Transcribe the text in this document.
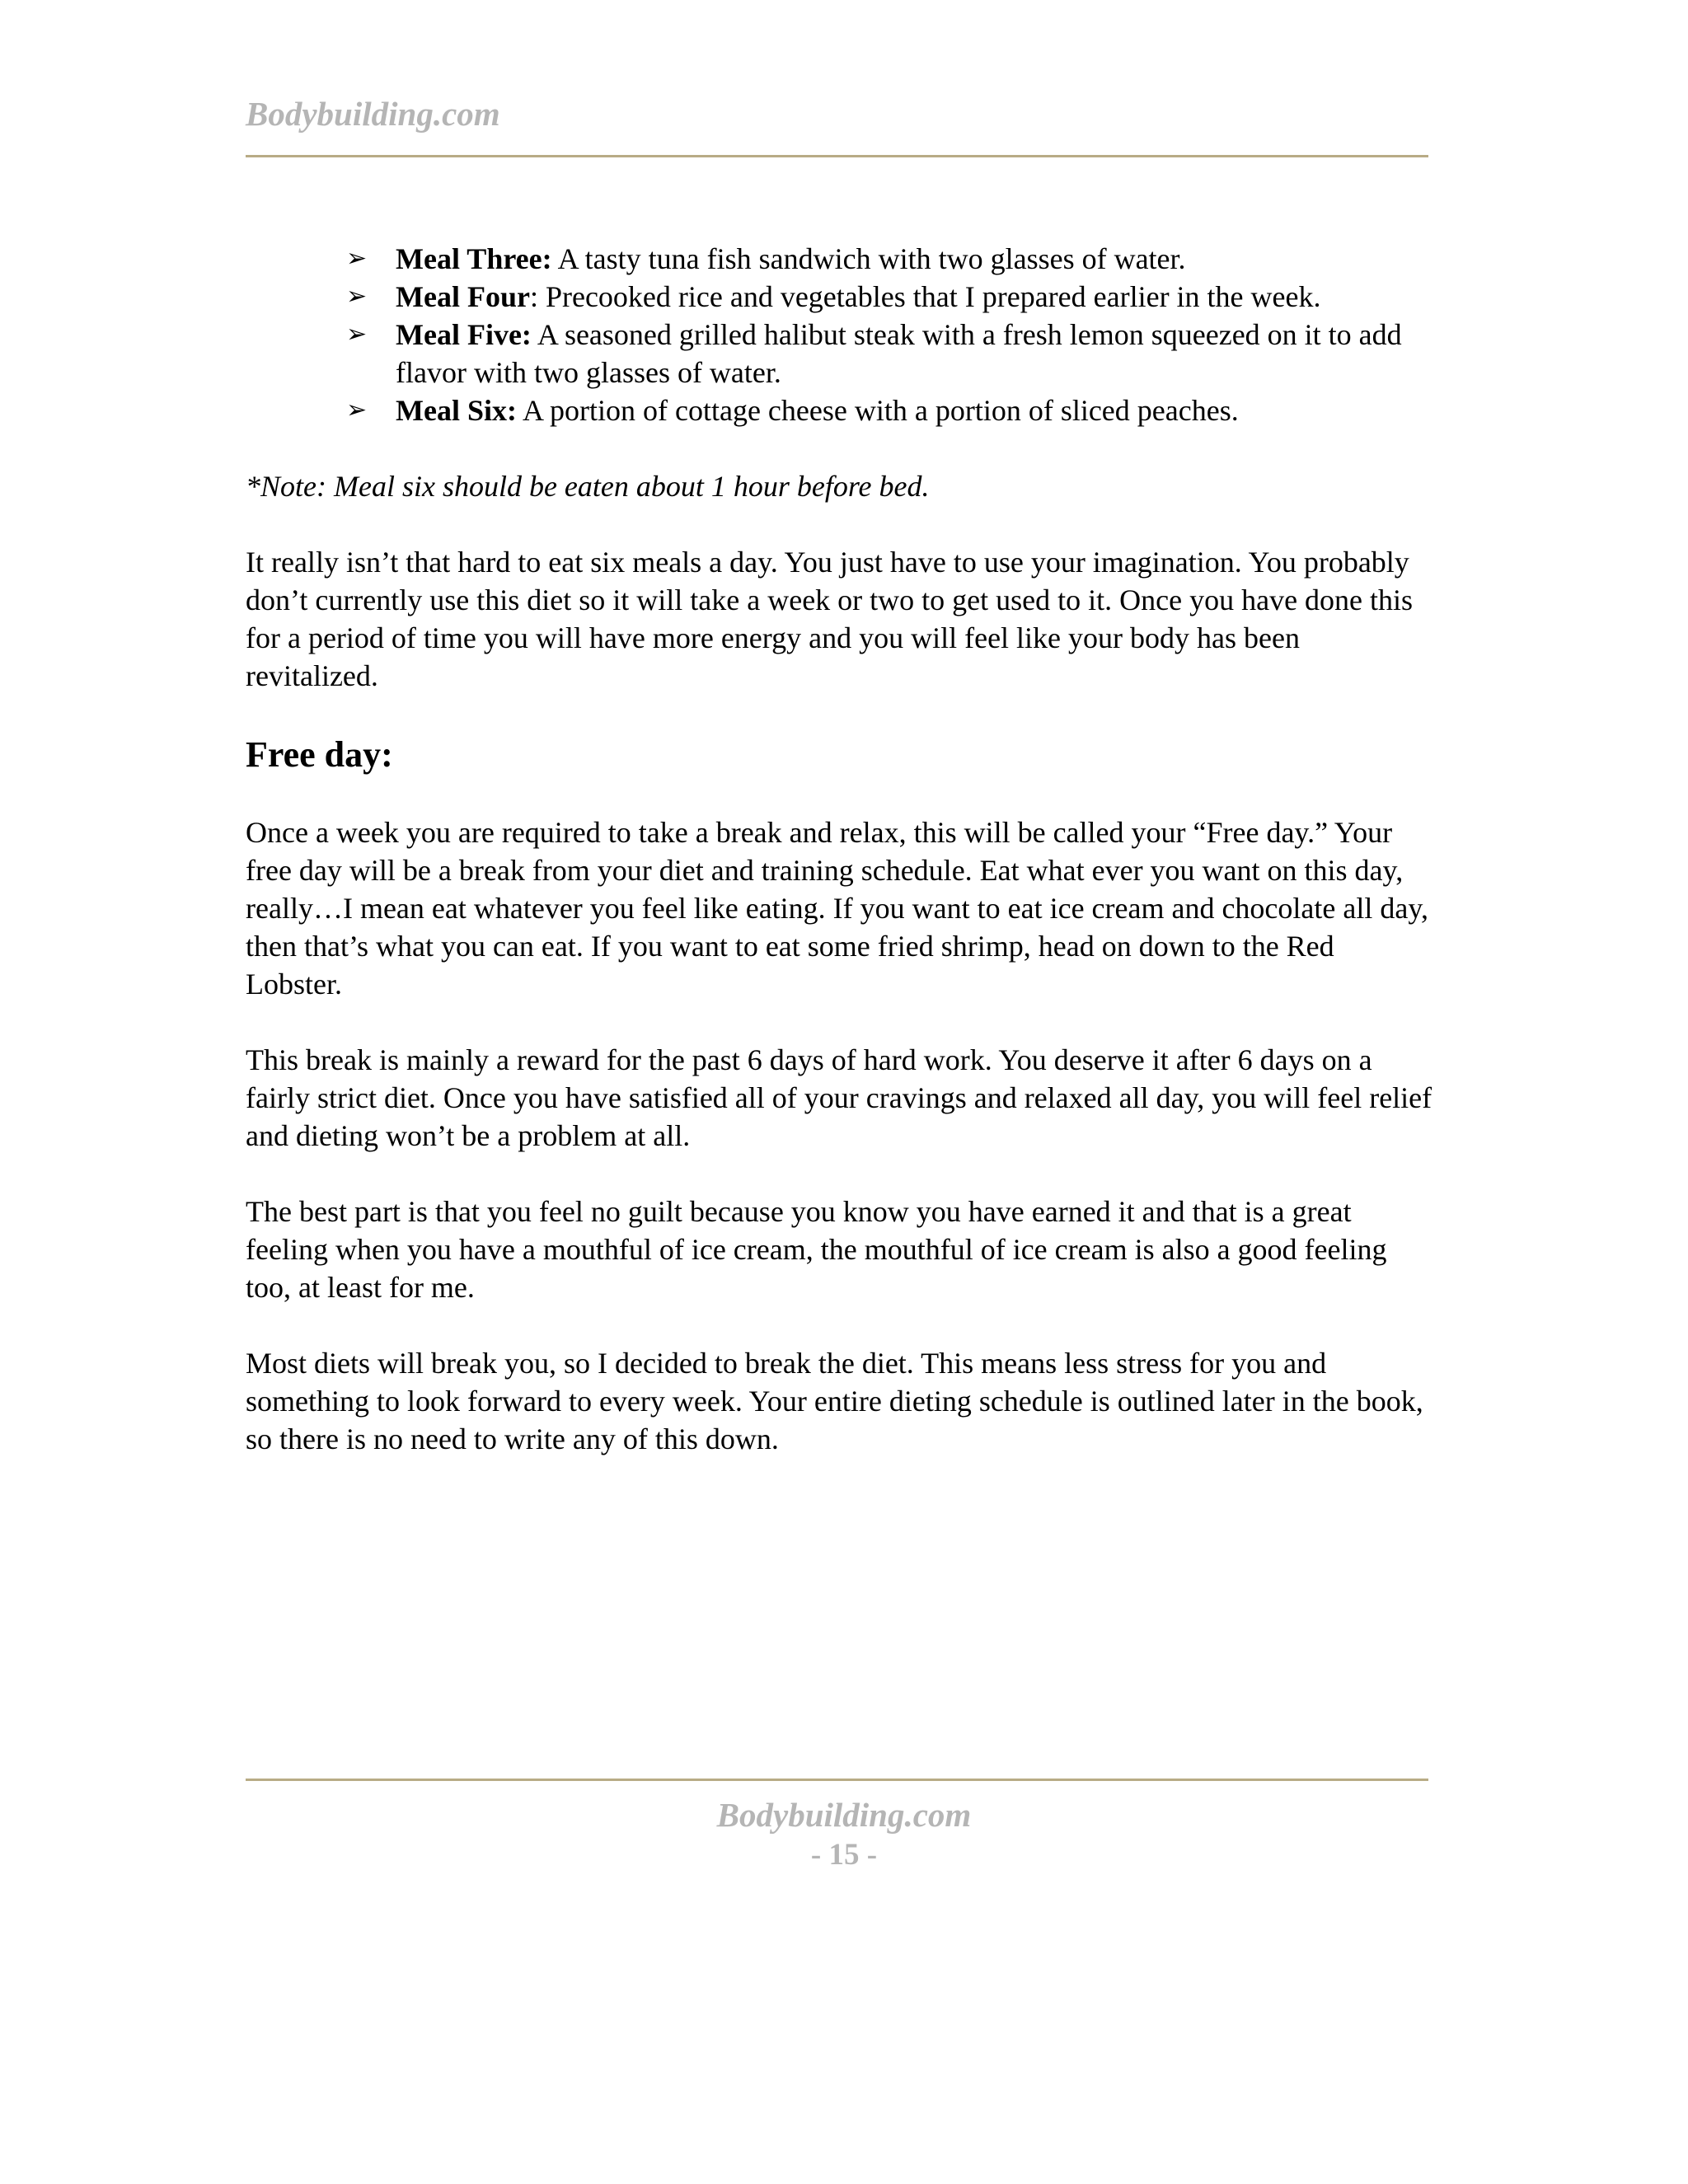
Bodybuilding.com
➢ Meal Three: A tasty tuna fish sandwich with two glasses of water.
➢ Meal Four: Precooked rice and vegetables that I prepared earlier in the week.
➢ Meal Five: A seasoned grilled halibut steak with a fresh lemon squeezed on it to add flavor with two glasses of water.
➢ Meal Six: A portion of cottage cheese with a portion of sliced peaches.
*Note: Meal six should be eaten about 1 hour before bed.

It really isn’t that hard to eat six meals a day. You just have to use your imagination. You probably don’t currently use this diet so it will take a week or two to get used to it. Once you have done this for a period of time you will have more energy and you will feel like your body has been revitalized.

Free day:

Once a week you are required to take a break and relax, this will be called your “Free day.” Your free day will be a break from your diet and training schedule. Eat what ever you want on this day, really…I mean eat whatever you feel like eating. If you want to eat ice cream and chocolate all day, then that’s what you can eat. If you want to eat some fried shrimp, head on down to the Red Lobster.

This break is mainly a reward for the past 6 days of hard work. You deserve it after 6 days on a fairly strict diet. Once you have satisfied all of your cravings and relaxed all day, you will feel relief and dieting won’t be a problem at all.

The best part is that you feel no guilt because you know you have earned it and that is a great feeling when you have a mouthful of ice cream, the mouthful of ice cream is also a good feeling too, at least for me.

Most diets will break you, so I decided to break the diet. This means less stress for you and something to look forward to every week. Your entire dieting schedule is outlined later in the book, so there is no need to write any of this down.

Bodybuilding.com
- 15 -
